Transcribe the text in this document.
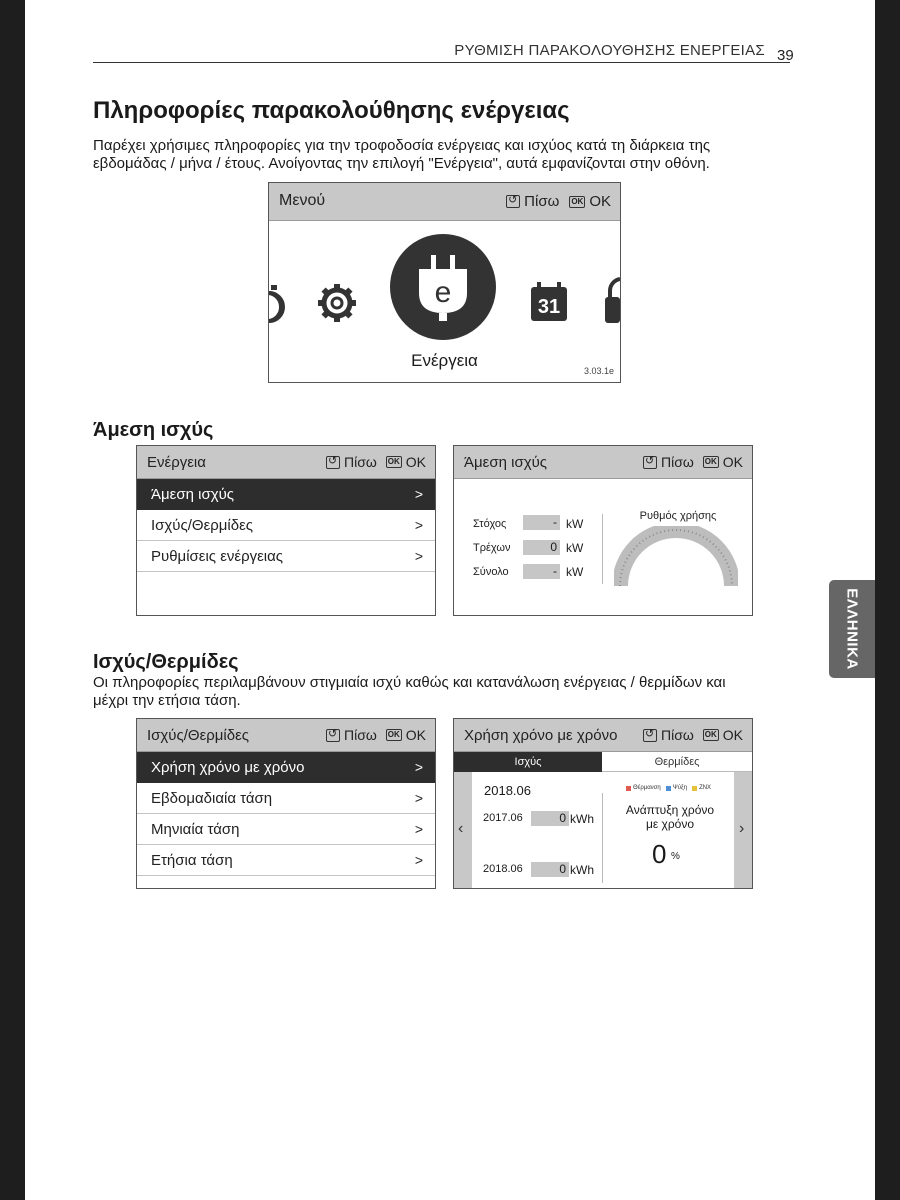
ΡΥΘΜΙΣΗ ΠΑΡΑΚΟΛΟΥΘΗΣΗΣ ΕΝΕΡΓΕΙΑΣ 39
Πληροφορίες παρακολούθησης ενέργειας
Παρέχει χρήσιμες πληροφορίες για την τροφοδοσία ενέργειας και ισχύος κατά τη διάρκεια της
εβδομάδας / μήνα / έτους. Ανοίγοντας την επιλογή "Ενέργεια", αυτά εμφανίζονται στην οθόνη.
Μενού ↺	Πίσω OK OK
e	31
Ενέργεια
3.03.1e
Άμεση ισχύς
Ενέργεια ↺	Πίσω OK OK
Άμεση ισχύς	>
Ισχύς/Θερμίδες	>
Ρυθμίσεις ενέργειας	>
Άμεση ισχύς ↺	Πίσω OK OK
Στόχος	- kW
Τρέχων	0 kW
Σύνολο	- kW
Ρυθμός χρήσης
Ισχύς/Θερμίδες
Οι πληροφορίες περιλαμβάνουν στιγμιαία ισχύ καθώς και κατανάλωση ενέργειας / θερμίδων και
μέχρι την ετήσια τάση.
Ισχύς/Θερμίδες ↺	Πίσω OK OK
Χρήση χρόνο με χρόνο	>
Εβδομαδιαία τάση	>
Μηνιαία τάση	>
Ετήσια τάση	>
Χρήση χρόνο με χρόνο ↺	Πίσω OK OK
Ισχύς	Θερμίδες
‹	›
2018.06	Θέρμανση Ψύξη ZNX
2017.06	0 kWh
2018.06	0 kWh
Ανάπτυξη χρόνο
με χρόνο
0 %
ΕΛΛΗΝΙΚΑ
